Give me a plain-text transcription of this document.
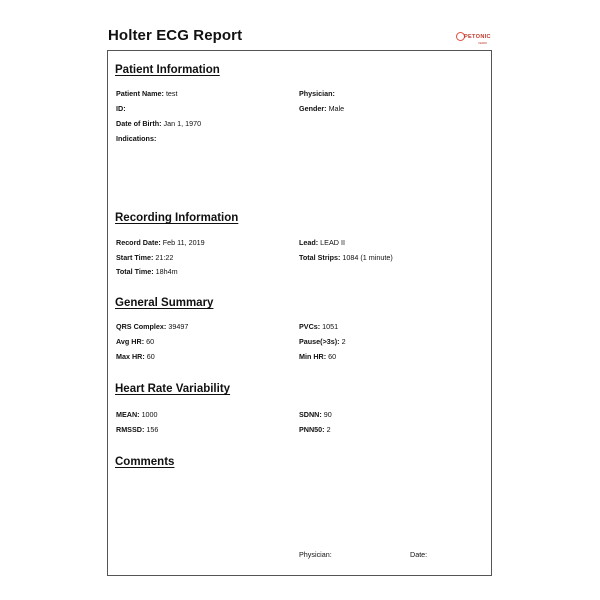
Holter ECG Report	PETONIC
VERDI
Patient Information
Patient Name: test	Physician:
ID:	Gender: Male
Date of Birth: Jan 1, 1970
Indications:
Recording Information
Record Date: Feb 11, 2019	Lead: LEAD II
Start Time: 21:22	Total Strips: 1084 (1 minute)
Total Time: 18h4m
General Summary
QRS Complex: 39497	PVCs: 1051
Avg HR: 60	Pause(>3s): 2
Max HR: 60	Min HR: 60
Heart Rate Variability
MEAN: 1000	SDNN: 90
RMSSD: 156	PNN50: 2
Comments
Physician:	Date:
